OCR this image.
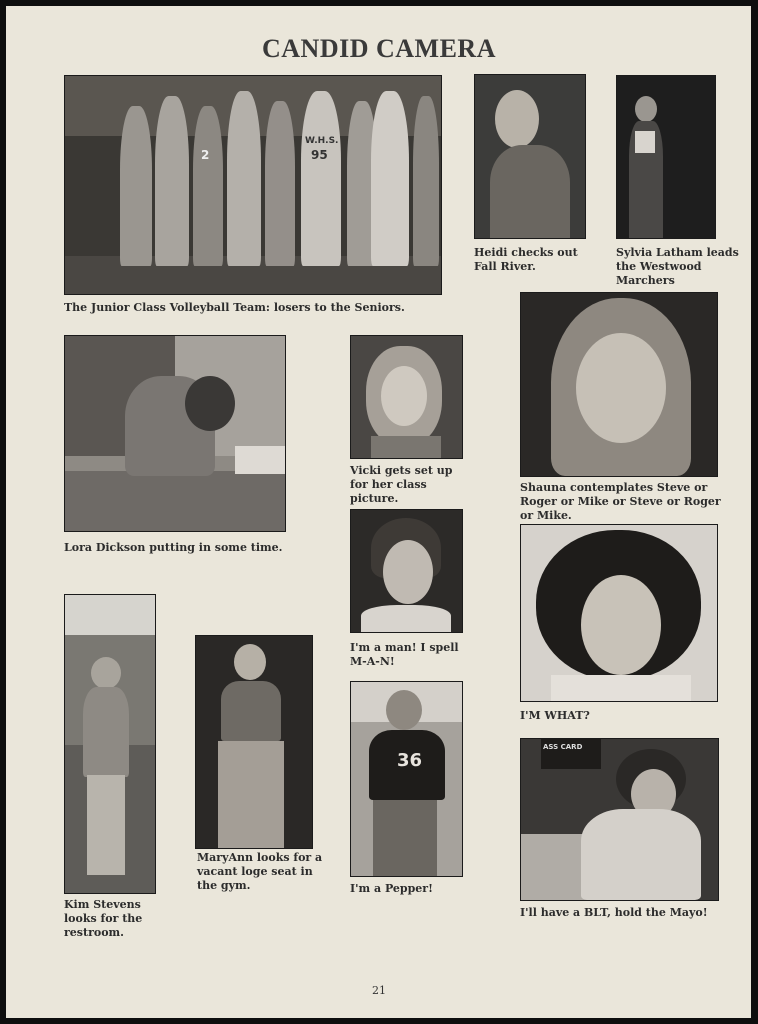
CANDID CAMERA
W.H.S.
95
2
The Junior Class Volleyball Team: losers to the Seniors.
Heidi checks out Fall River.
Sylvia Latham leads the Westwood Marchers
Lora Dickson putting in some time.
Vicki gets set up for her class picture.
Shauna contemplates Steve or Roger or Mike or Steve or Roger or Mike.
I'm a man! I spell M-A-N!
I'M WHAT?
Kim Stevens looks for the restroom.
MaryAnn looks for a vacant loge seat in the gym.
36
I'm a Pepper!
ASS CARD
I'll have a BLT, hold the Mayo!
21
